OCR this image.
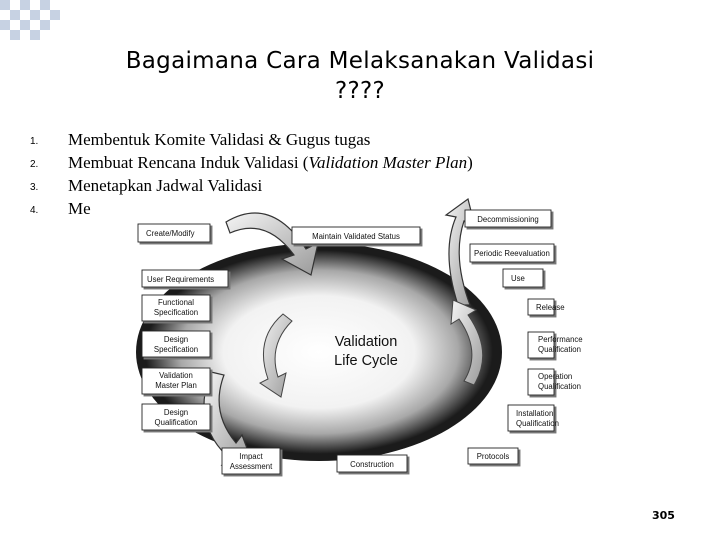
Bagaimana Cara Melaksanakan Validasi
????
1. Membentuk Komite Validasi & Gugus tugas
2. Membuat Rencana Induk Validasi (Validation Master Plan)
3. Menetapkan Jadwal Validasi
4. Me
Validation
Life Cycle
Decommissioning
Create/Modify	Maintain Validated Status
Periodic Reevaluation
User Requirements	Use
Functional
Specification
Release
Design
Specification
Performance
Qualification
Validation
Master Plan
Operation
Qualification
Design
Qualification
Installation
Qualification
Impact
Assessment	Construction
Protocols
305
